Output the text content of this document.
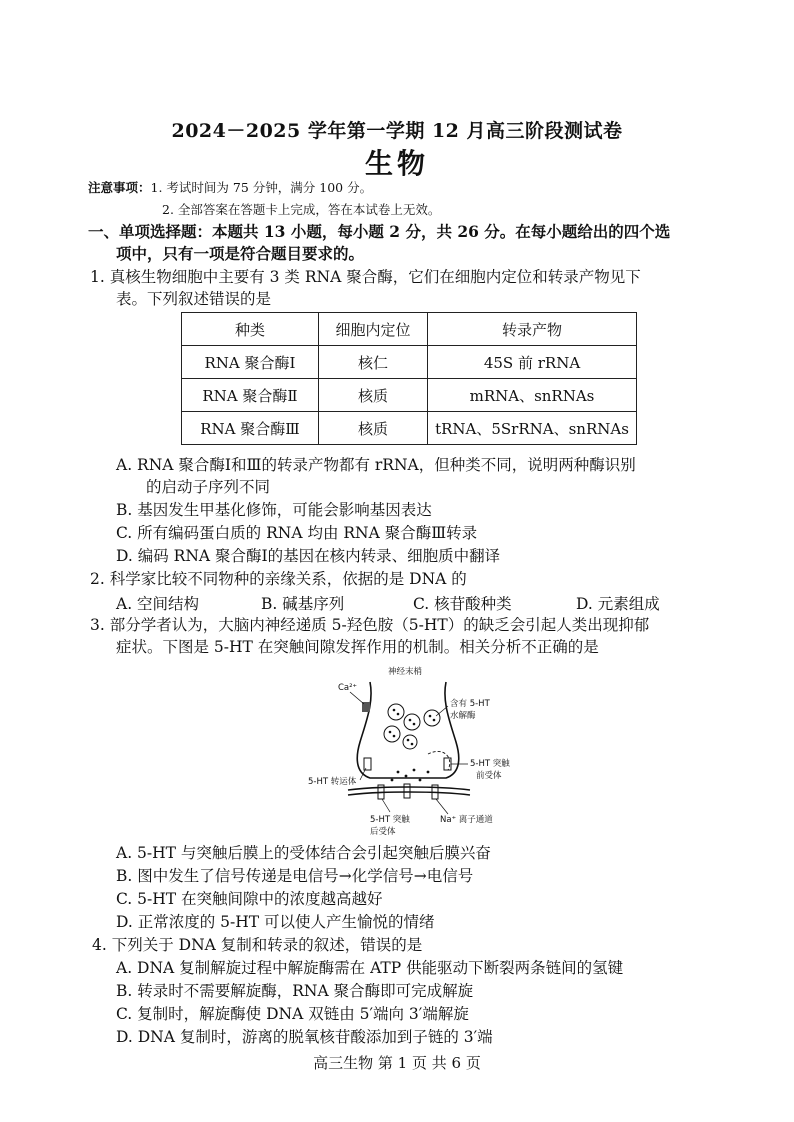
2024－2025 学年第一学期 12 月高三阶段测试卷
生物
注意事项：1. 考试时间为 75 分钟，满分 100 分。
2. 全部答案在答题卡上完成，答在本试卷上无效。
一、单项选择题：本题共 13 小题，每小题 2 分，共 26 分。在每小题给出的四个选
项中，只有一项是符合题目要求的。
1. 真核生物细胞中主要有 3 类 RNA 聚合酶，它们在细胞内定位和转录产物见下
表。下列叙述错误的是
种类	细胞内定位	转录产物
RNA 聚合酶Ⅰ	核仁	45S 前 rRNA
RNA 聚合酶Ⅱ	核质	mRNA、snRNAs
RNA 聚合酶Ⅲ	核质	tRNA、5SrRNA、snRNAs
A. RNA 聚合酶Ⅰ和Ⅲ的转录产物都有 rRNA，但种类不同，说明两种酶识别
的启动子序列不同
B. 基因发生甲基化修饰，可能会影响基因表达
C. 所有编码蛋白质的 RNA 均由 RNA 聚合酶Ⅲ转录
D. 编码 RNA 聚合酶Ⅰ的基因在核内转录、细胞质中翻译
2. 科学家比较不同物种的亲缘关系，依据的是 DNA 的
A. 空间结构	B. 碱基序列	C. 核苷酸种类	D. 元素组成
3. 部分学者认为，大脑内神经递质 5-羟色胺（5-HT）的缺乏会引起人类出现抑郁
症状。下图是 5-HT 在突触间隙发挥作用的机制。相关分析不正确的是
神经末梢
Ca²⁺
含有 5-HT
水解酶
5-HT 转运体
5-HT 突触
前受体
5-HT 突触
后受体
Na⁺ 离子通道
A. 5-HT 与突触后膜上的受体结合会引起突触后膜兴奋
B. 图中发生了信号传递是电信号→化学信号→电信号
C. 5-HT 在突触间隙中的浓度越高越好
D. 正常浓度的 5-HT 可以使人产生愉悦的情绪
4. 下列关于 DNA 复制和转录的叙述，错误的是
A. DNA 复制解旋过程中解旋酶需在 ATP 供能驱动下断裂两条链间的氢键
B. 转录时不需要解旋酶，RNA 聚合酶即可完成解旋
C. 复制时，解旋酶使 DNA 双链由 5′端向 3′端解旋
D. DNA 复制时，游离的脱氧核苷酸添加到子链的 3′端
高三生物 第 1 页 共 6 页
